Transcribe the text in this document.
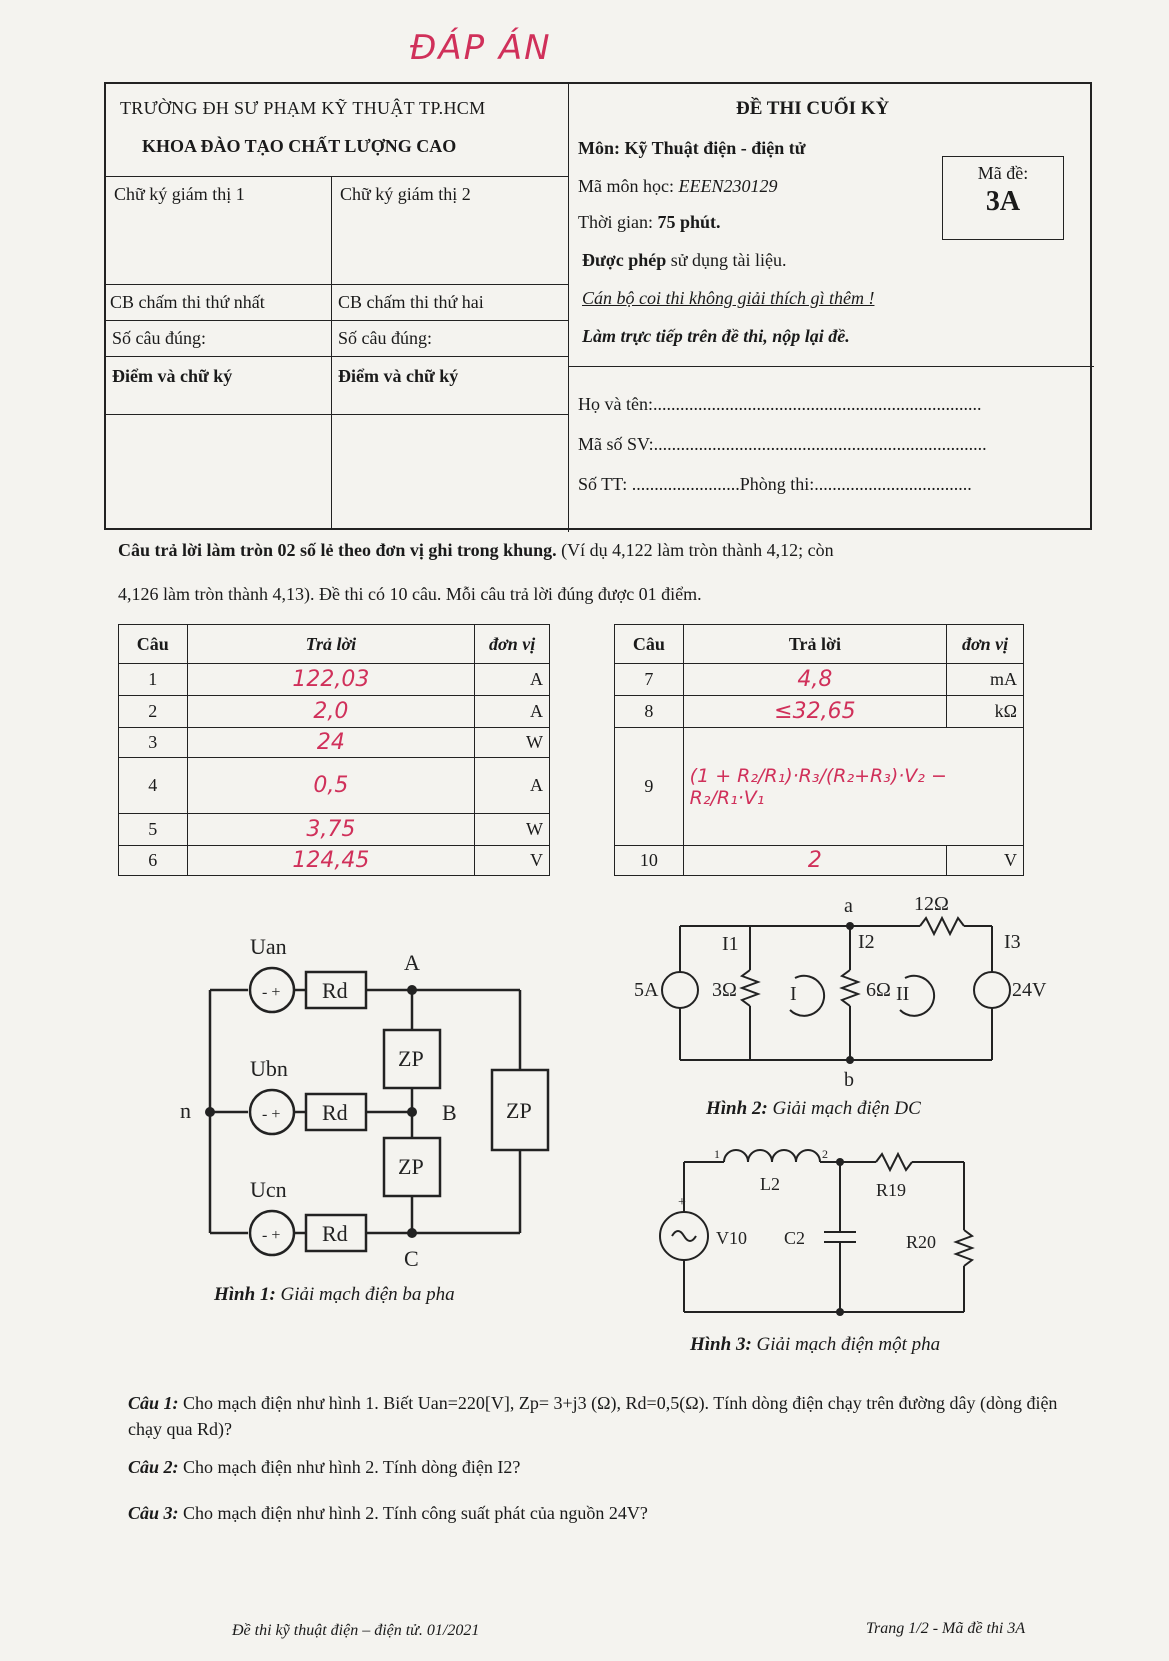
ĐÁP ÁN
TRƯỜNG ĐH SƯ PHẠM KỸ THUẬT TP.HCM
KHOA ĐÀO TẠO CHẤT LƯỢNG CAO
Chữ ký giám thị 1	Chữ ký giám thị 2
CB chấm thi thứ nhất	CB chấm thi thứ hai
Số câu đúng:	Số câu đúng:
Điểm và chữ ký	Điểm và chữ ký
ĐỀ THI CUỐI KỲ
Môn: Kỹ Thuật điện - điện tử
Mã môn học: EEEN230129
Thời gian: 75 phút.
Được phép sử dụng tài liệu.
Cán bộ coi thi không giải thích gì thêm !
Làm trực tiếp trên đề thi, nộp lại đề.
Mã đề:
3A
Họ và tên:.........................................................................
Mã số SV:..........................................................................
Số TT: ........................Phòng thi:...................................
Câu trả lời làm tròn 02 số lẻ theo đơn vị ghi trong khung. (Ví dụ 4,122 làm tròn thành 4,12; còn
4,126 làm tròn thành 4,13). Đề thi có 10 câu. Mỗi câu trả lời đúng được 01 điểm.
Câu	Trả lời	đơn vị
1	122,03	A
2	2,0	A
3	24	W
4	0,5	A
5	3,75	W
6	124,45	V
Câu	Trả lời	đơn vị
7	4,8	mA
8	≤32,65	kΩ
9	(1 + R₂/R₁)·R₃/(R₂+R₃)·V₂ − R₂/R₁·V₁	
10	2	V
- +
- +
- +
Uan
Ubn
Ucn
Rd
Rd
Rd
ZP
ZP
ZP
A
B
C
n
Hình 1: Giải mạch điện ba pha
a
b
12Ω
5A	3Ω	6Ω	24V
I1	I2	I3
I	II
Hình 2: Giải mạch điện DC
+
1	2
L2	R19
R20
C2
V10
Hình 3: Giải mạch điện một pha
Câu 1: Cho mạch điện như hình 1. Biết Uan=220[V], Zp= 3+j3 (Ω), Rd=0,5(Ω). Tính dòng điện chạy trên đường dây (dòng điện chạy qua Rd)?
Câu 2: Cho mạch điện như hình 2. Tính dòng điện I2?
Câu 3: Cho mạch điện như hình 2. Tính công suất phát của nguồn 24V?
Đề thi kỹ thuật điện – điện tử. 01/2021	Trang 1/2 - Mã đề thi 3A
